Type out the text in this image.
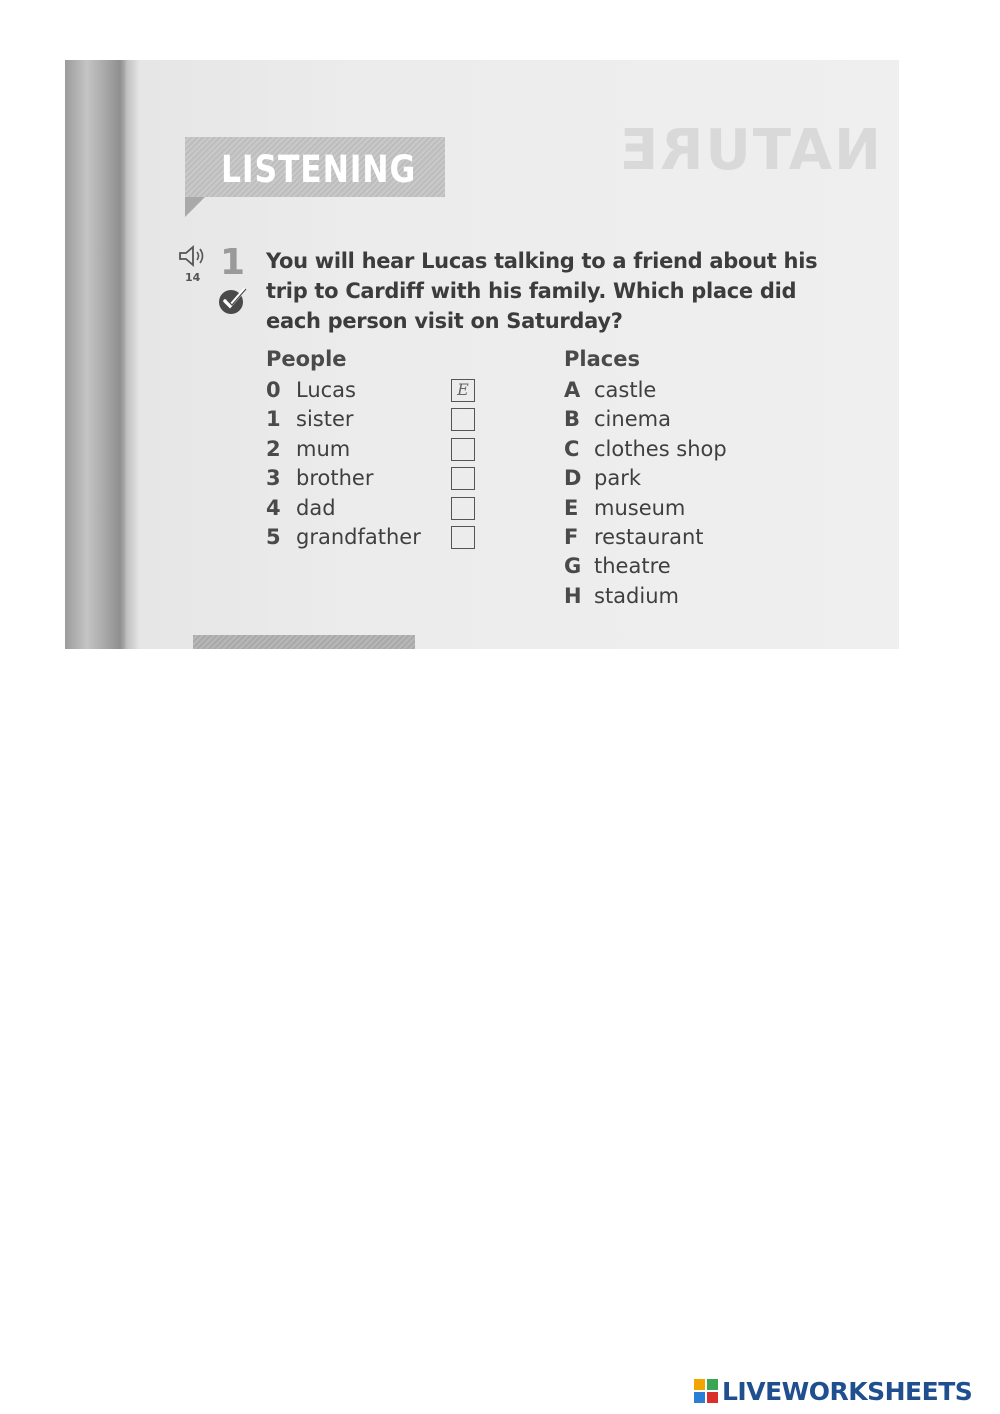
NATURE
LISTENING
14 1 You will hear Lucas talking to a friend about his trip to Cardiff with his family. Which place did each person visit on Saturday?

People	Places
0 Lucas	E
1 sister
2 mum
3 brother
4 dad
5 grandfather
A castle
B cinema
C clothes shop
D park
E museum
F restaurant
G theatre
H stadium
LIVEWORKSHEETS
